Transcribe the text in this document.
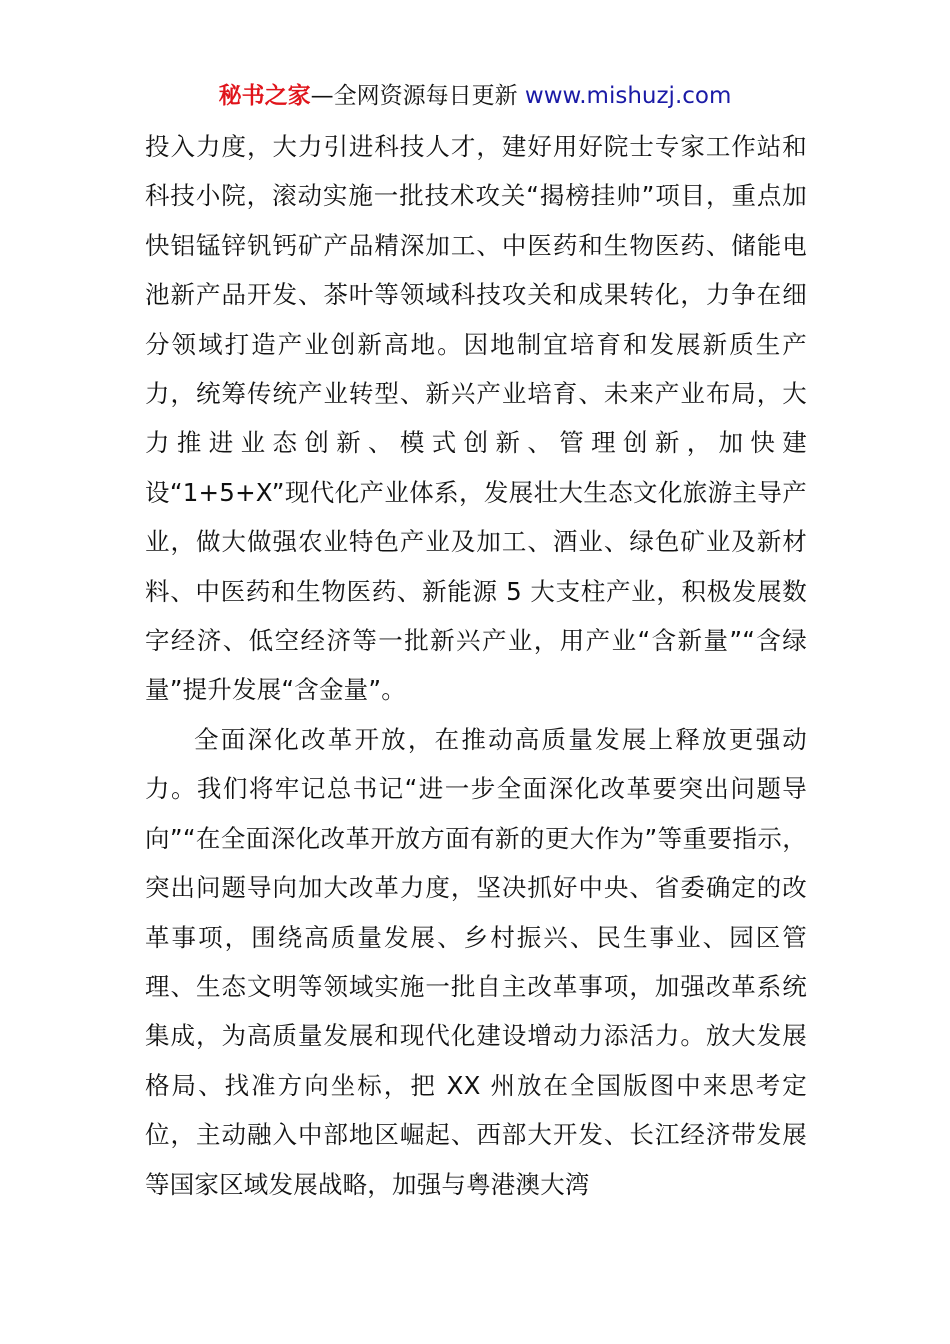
秘书之家—全网资源每日更新 www.mishuzj.com

投入力度，大力引进科技人才，建好用好院士专家工作站和科技小院，滚动实施一批技术攻关“揭榜挂帅”项目，重点加快铝锰锌钒钙矿产品精深加工、中医药和生物医药、储能电池新产品开发、茶叶等领域科技攻关和成果转化，力争在细分领域打造产业创新高地。因地制宜培育和发展新质生产力，统筹传统产业转型、新兴产业培育、未来产业布局，大力推进业态创新、模式创新、管理创新，加快建设“1+5+X”现代化产业体系，发展壮大生态文化旅游主导产业，做大做强农业特色产业及加工、酒业、绿色矿业及新材料、中医药和生物医药、新能源 5 大支柱产业，积极发展数字经济、低空经济等一批新兴产业，用产业“含新量”“含绿量”提升发展“含金量”。

全面深化改革开放，在推动高质量发展上释放更强动力。我们将牢记总书记“进一步全面深化改革要突出问题导向”“在全面深化改革开放方面有新的更大作为”等重要指示，突出问题导向加大改革力度，坚决抓好中央、省委确定的改革事项，围绕高质量发展、乡村振兴、民生事业、园区管理、生态文明等领域实施一批自主改革事项，加强改革系统集成，为高质量发展和现代化建设增动力添活力。放大发展格局、找准方向坐标，把 XX 州放在全国版图中来思考定位，主动融入中部地区崛起、西部大开发、长江经济带发展等国家区域发展战略，加强与粤港澳大湾
